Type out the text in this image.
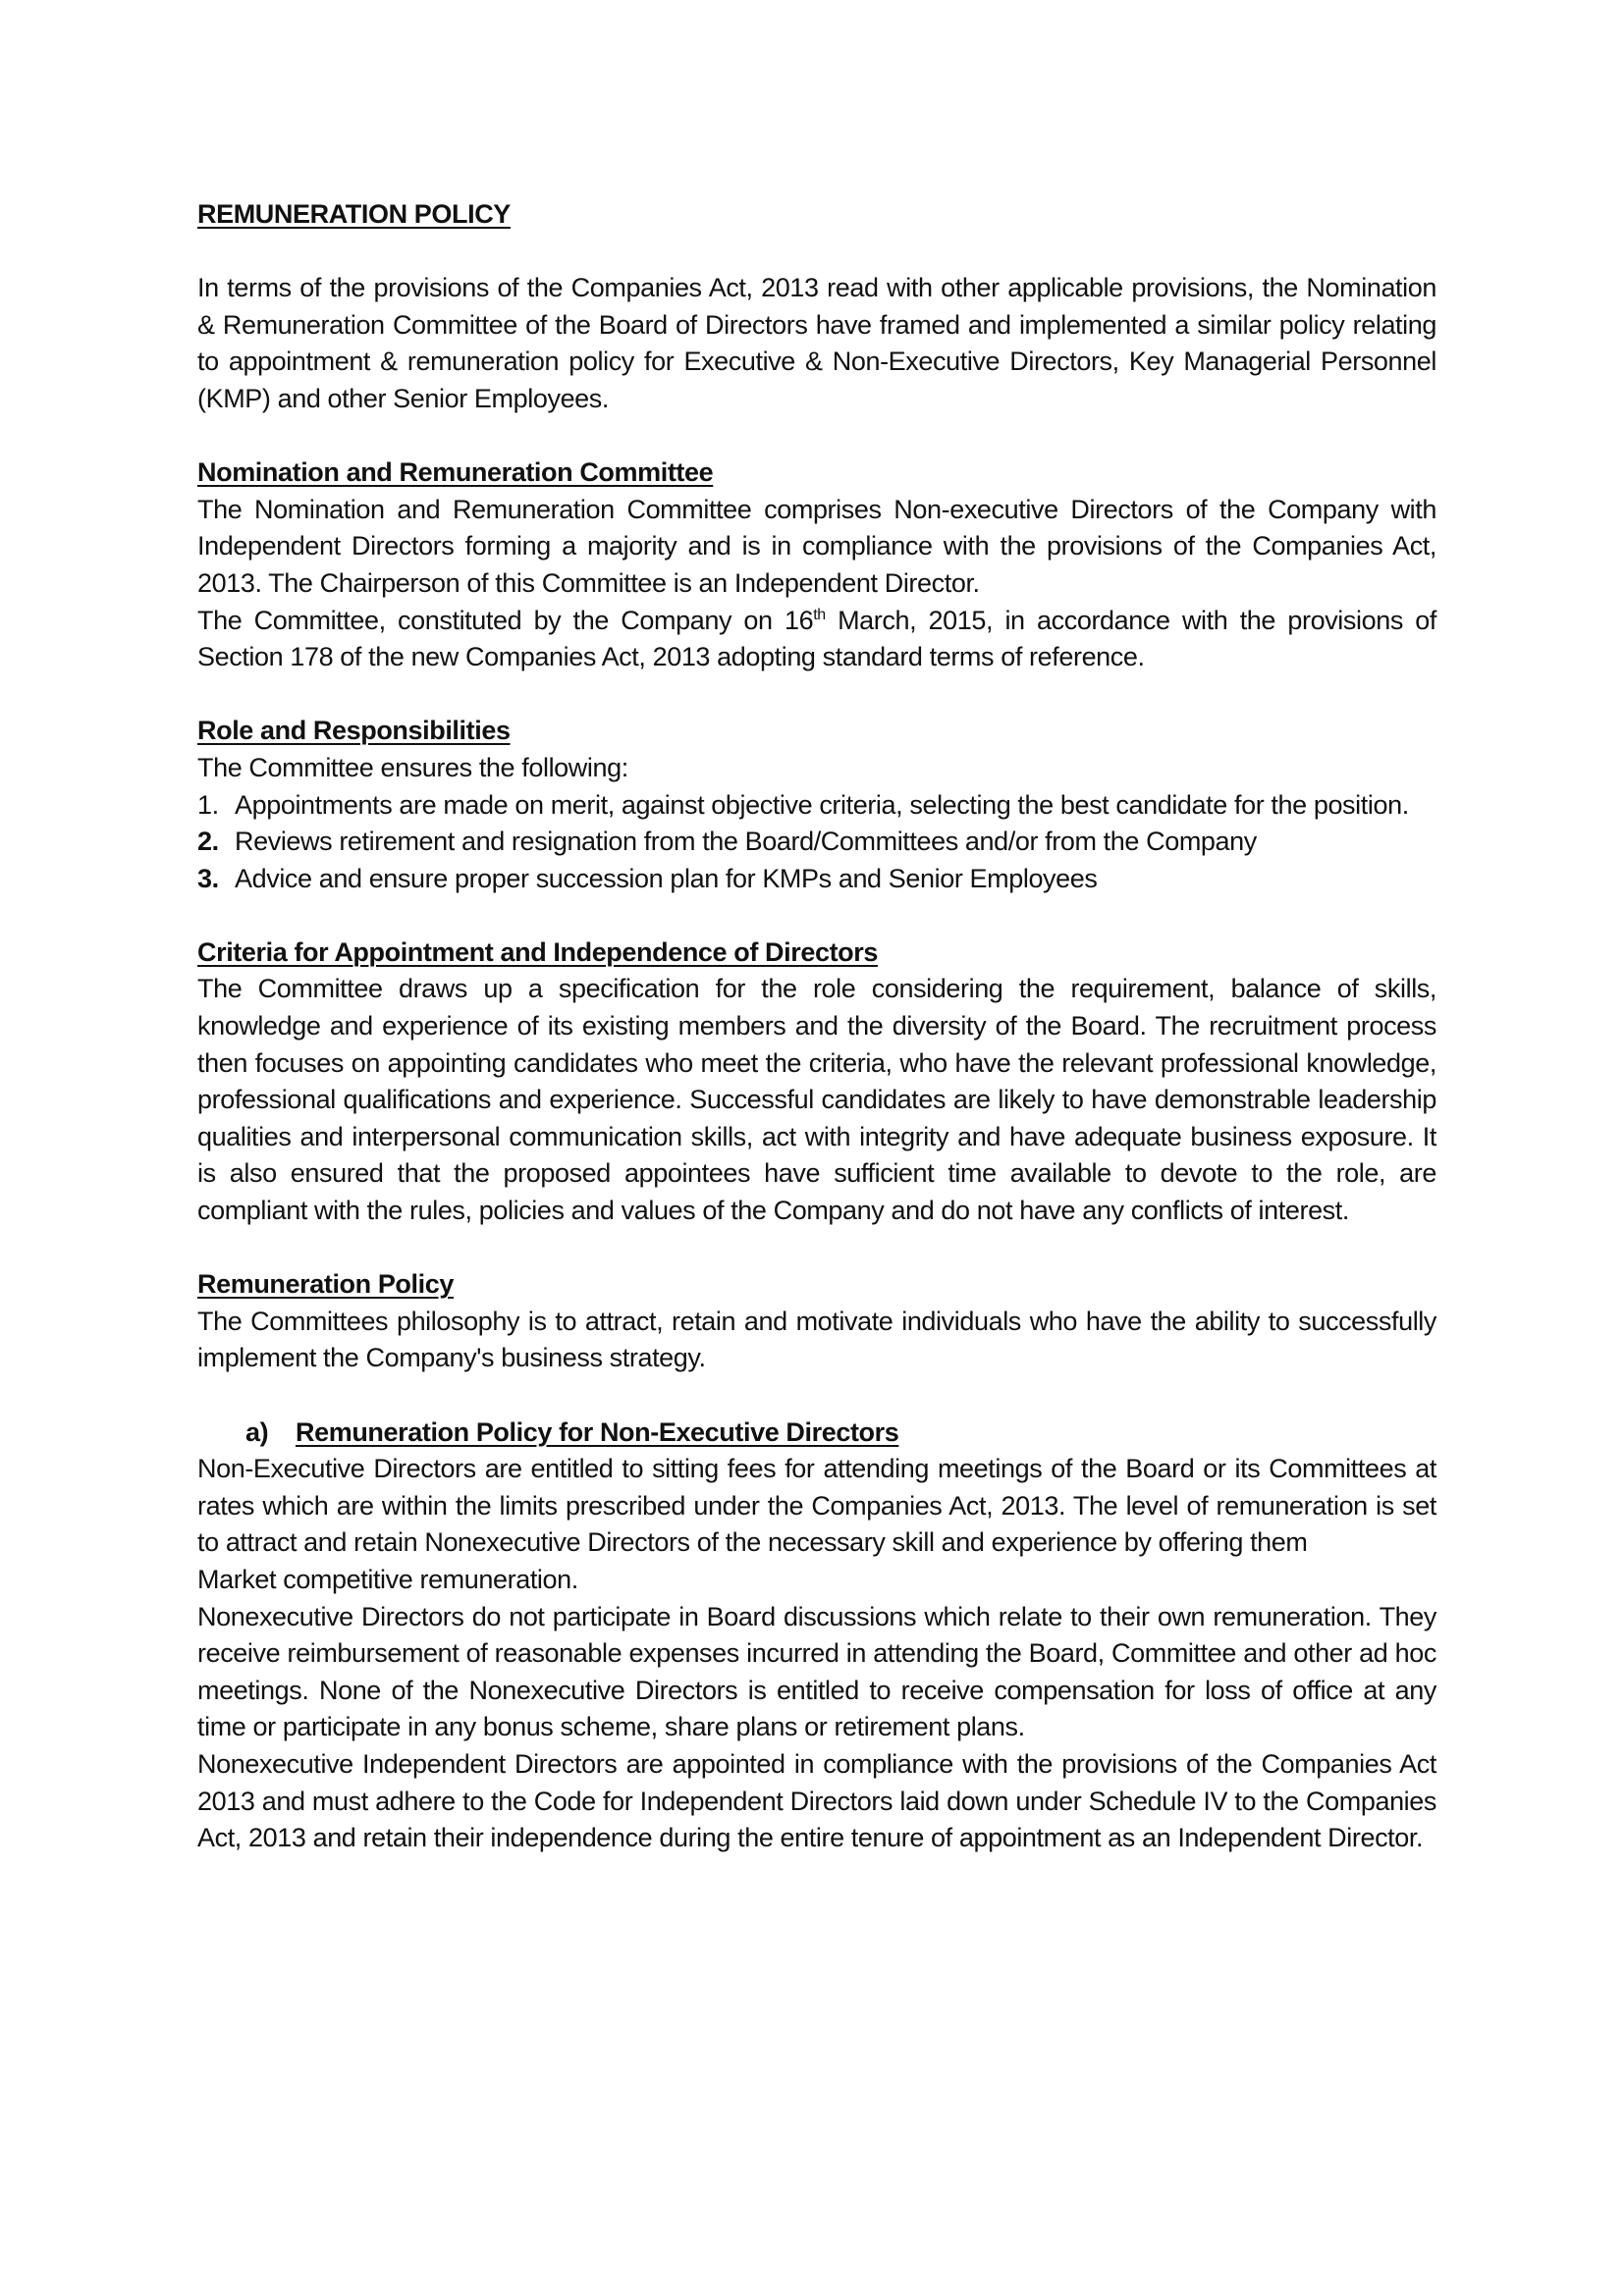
REMUNERATION POLICY

In terms of the provisions of the Companies Act, 2013 read with other applicable provisions, the Nomination & Remuneration Committee of the Board of Directors have framed and implemented a similar policy relating to appointment & remuneration policy for Executive & Non-Executive Directors, Key Managerial Personnel (KMP) and other Senior Employees.

Nomination and Remuneration Committee

The Nomination and Remuneration Committee comprises Non-executive Directors of the Company with Independent Directors forming a majority and is in compliance with the provisions of the Companies Act, 2013. The Chairperson of this Committee is an Independent Director.

The Committee, constituted by the Company on 16th March, 2015, in accordance with the provisions of Section 178 of the new Companies Act, 2013 adopting standard terms of reference.

Role and Responsibilities

The Committee ensures the following:

1. Appointments are made on merit, against objective criteria, selecting the best candidate for the position.
2. Reviews retirement and resignation from the Board/Committees and/or from the Company
3. Advice and ensure proper succession plan for KMPs and Senior Employees
Criteria for Appointment and Independence of Directors

The Committee draws up a specification for the role considering the requirement, balance of skills, knowledge and experience of its existing members and the diversity of the Board. The recruitment process then focuses on appointing candidates who meet the criteria, who have the relevant professional knowledge, professional qualifications and experience. Successful candidates are likely to have demonstrable leadership qualities and interpersonal communication skills, act with integrity and have adequate business exposure. It is also ensured that the proposed appointees have sufficient time available to devote to the role, are compliant with the rules, policies and values of the Company and do not have any conflicts of interest.

Remuneration Policy

The Committees philosophy is to attract, retain and motivate individuals who have the ability to successfully implement the Company's business strategy.

a)	Remuneration Policy for Non-Executive Directors

Non-Executive Directors are entitled to sitting fees for attending meetings of the Board or its Committees at rates which are within the limits prescribed under the Companies Act, 2013. The level of remuneration is set to attract and retain Nonexecutive Directors of the necessary skill and experience by offering them

Market competitive remuneration.

Nonexecutive Directors do not participate in Board discussions which relate to their own remuneration. They receive reimbursement of reasonable expenses incurred in attending the Board, Committee and other ad hoc meetings. None of the Nonexecutive Directors is entitled to receive compensation for loss of office at any time or participate in any bonus scheme, share plans or retirement plans.

Nonexecutive Independent Directors are appointed in compliance with the provisions of the Companies Act 2013 and must adhere to the Code for Independent Directors laid down under Schedule IV to the Companies Act, 2013 and retain their independence during the entire tenure of appointment as an Independent Director.
